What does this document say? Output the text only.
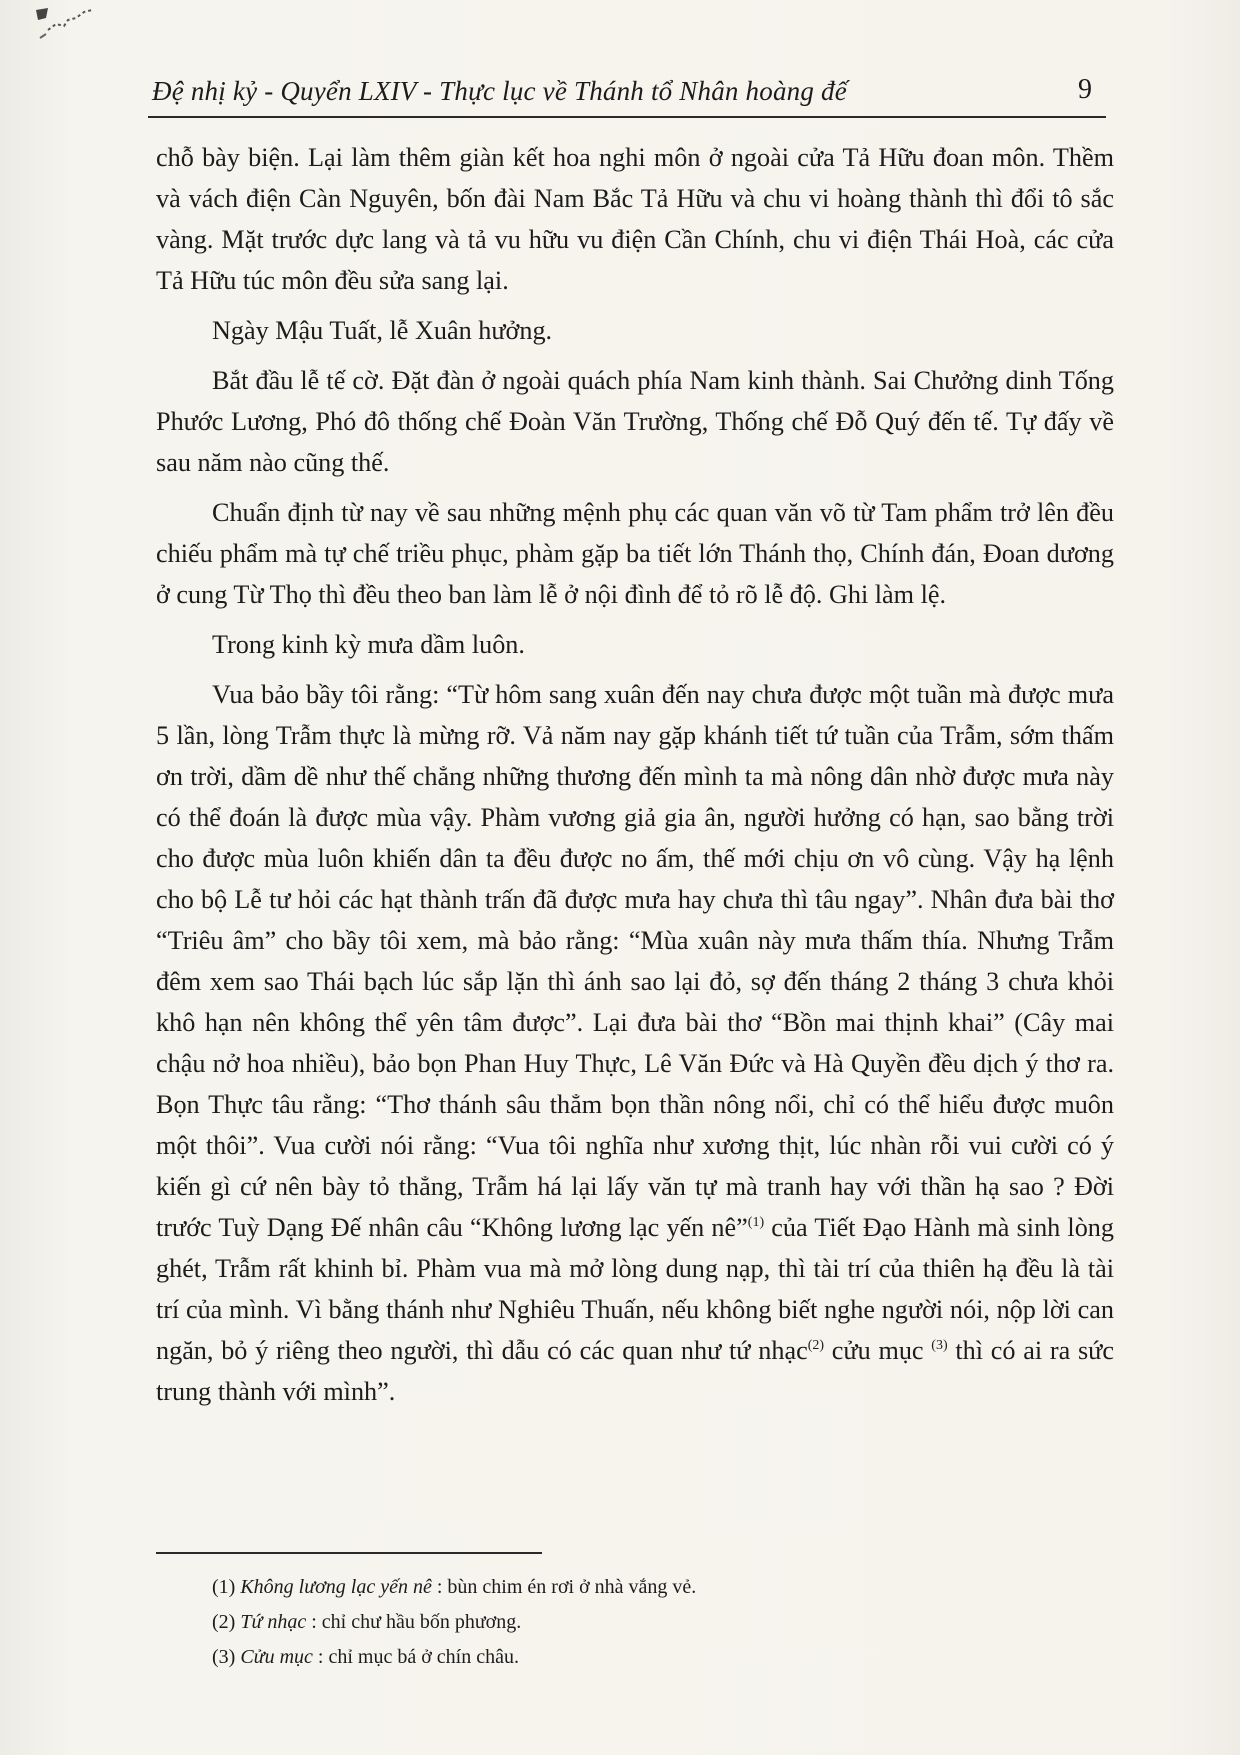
Đệ nhị kỷ - Quyển LXIV - Thực lục về Thánh tổ Nhân hoàng đế	9

chỗ bày biện. Lại làm thêm giàn kết hoa nghi môn ở ngoài cửa Tả Hữu đoan môn. Thềm và vách điện Càn Nguyên, bốn đài Nam Bắc Tả Hữu và chu vi hoàng thành thì đổi tô sắc vàng. Mặt trước dực lang và tả vu hữu vu điện Cần Chính, chu vi điện Thái Hoà, các cửa Tả Hữu túc môn đều sửa sang lại.

Ngày Mậu Tuất, lễ Xuân hưởng.

Bắt đầu lễ tế cờ. Đặt đàn ở ngoài quách phía Nam kinh thành. Sai Chưởng dinh Tống Phước Lương, Phó đô thống chế Đoàn Văn Trường, Thống chế Đỗ Quý đến tế. Tự đấy về sau năm nào cũng thế.

Chuẩn định từ nay về sau những mệnh phụ các quan văn võ từ Tam phẩm trở lên đều chiếu phẩm mà tự chế triều phục, phàm gặp ba tiết lớn Thánh thọ, Chính đán, Đoan dương ở cung Từ Thọ thì đều theo ban làm lễ ở nội đình để tỏ rõ lễ độ. Ghi làm lệ.

Trong kinh kỳ mưa dầm luôn.

Vua bảo bầy tôi rằng: “Từ hôm sang xuân đến nay chưa được một tuần mà được mưa 5 lần, lòng Trẫm thực là mừng rỡ. Vả năm nay gặp khánh tiết tứ tuần của Trẫm, sớm thấm ơn trời, dầm dề như thế chẳng những thương đến mình ta mà nông dân nhờ được mưa này có thể đoán là được mùa vậy. Phàm vương giả gia ân, người hưởng có hạn, sao bằng trời cho được mùa luôn khiến dân ta đều được no ấm, thế mới chịu ơn vô cùng. Vậy hạ lệnh cho bộ Lễ tư hỏi các hạt thành trấn đã được mưa hay chưa thì tâu ngay”. Nhân đưa bài thơ “Triêu âm” cho bầy tôi xem, mà bảo rằng: “Mùa xuân này mưa thấm thía. Nhưng Trẫm đêm xem sao Thái bạch lúc sắp lặn thì ánh sao lại đỏ, sợ đến tháng 2 tháng 3 chưa khỏi khô hạn nên không thể yên tâm được”. Lại đưa bài thơ “Bồn mai thịnh khai” (Cây mai chậu nở hoa nhiều), bảo bọn Phan Huy Thực, Lê Văn Đức và Hà Quyền đều dịch ý thơ ra. Bọn Thực tâu rằng: “Thơ thánh sâu thẳm bọn thần nông nổi, chỉ có thể hiểu được muôn một thôi”. Vua cười nói rằng: “Vua tôi nghĩa như xương thịt, lúc nhàn rỗi vui cười có ý kiến gì cứ nên bày tỏ thẳng, Trẫm há lại lấy văn tự mà tranh hay với thần hạ sao ? Đời trước Tuỳ Dạng Đế nhân câu “Không lương lạc yến nê”$^{(1)}$ của Tiết Đạo Hành mà sinh lòng ghét, Trẫm rất khinh bỉ. Phàm vua mà mở lòng dung nạp, thì tài trí của thiên hạ đều là tài trí của mình. Vì bằng thánh như Nghiêu Thuấn, nếu không biết nghe người nói, nộp lời can ngăn, bỏ ý riêng theo người, thì dẫu có các quan như tứ nhạc$^{(2)}$ cửu mục $^{(3)}$ thì có ai ra sức trung thành với mình”.

(1) Không lương lạc yến nê : bùn chim én rơi ở nhà vắng vẻ.
(2) Tứ nhạc : chỉ chư hầu bốn phương.
(3) Cửu mục : chỉ mục bá ở chín châu.
